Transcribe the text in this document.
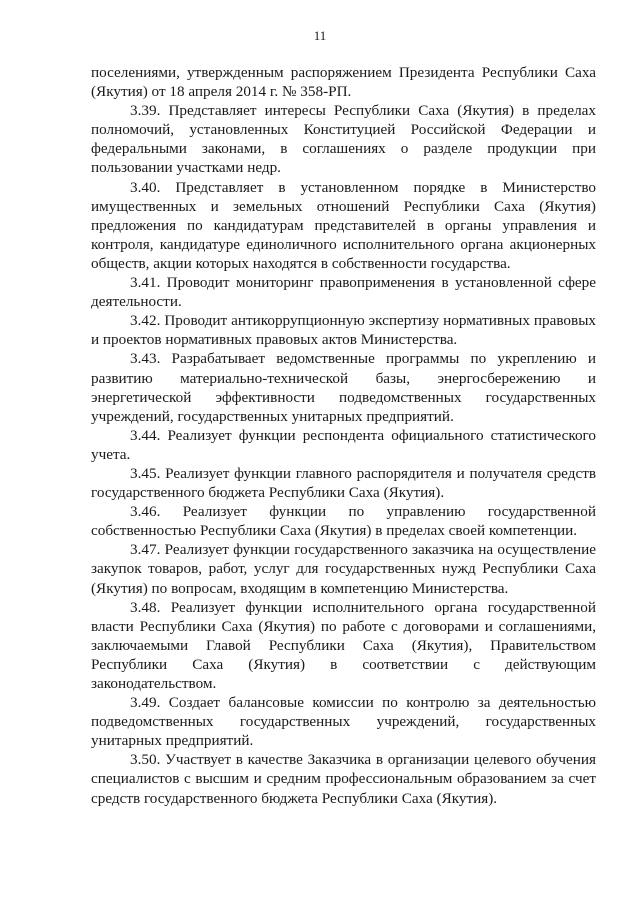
11

поселениями, утвержденным распоряжением Президента Республики Саха (Якутия) от 18 апреля 2014 г. № 358-РП.

3.39. Представляет интересы Республики Саха (Якутия) в пределах полномочий, установленных Конституцией Российской Федерации и федеральными законами, в соглашениях о разделе продукции при пользовании участками недр.

3.40. Представляет в установленном порядке в Министерство имущественных и земельных отношений Республики Саха (Якутия) предложения по кандидатурам представителей в органы управления и контроля, кандидатуре единоличного исполнительного органа акционерных обществ, акции которых находятся в собственности государства.

3.41. Проводит мониторинг правоприменения в установленной сфере деятельности.

3.42. Проводит антикоррупционную экспертизу нормативных правовых и проектов нормативных правовых актов Министерства.

3.43. Разрабатывает ведомственные программы по укреплению и развитию материально-технической базы, энергосбережению и энергетической эффективности подведомственных государственных учреждений, государственных унитарных предприятий.

3.44. Реализует функции респондента официального статистического учета.

3.45. Реализует функции главного распорядителя и получателя средств государственного бюджета Республики Саха (Якутия).

3.46. Реализует функции по управлению государственной собственностью Республики Саха (Якутия) в пределах своей компетенции.

3.47. Реализует функции государственного заказчика на осуществление закупок товаров, работ, услуг для государственных нужд Республики Саха (Якутия) по вопросам, входящим в компетенцию Министерства.

3.48. Реализует функции исполнительного органа государственной власти Республики Саха (Якутия) по работе с договорами и соглашениями, заключаемыми Главой Республики Саха (Якутия), Правительством Республики Саха (Якутия) в соответствии с действующим законодательством.

3.49. Создает балансовые комиссии по контролю за деятельностью подведомственных государственных учреждений, государственных унитарных предприятий.

3.50. Участвует в качестве Заказчика в организации целевого обучения специалистов с высшим и средним профессиональным образованием за счет средств государственного бюджета Республики Саха (Якутия).
